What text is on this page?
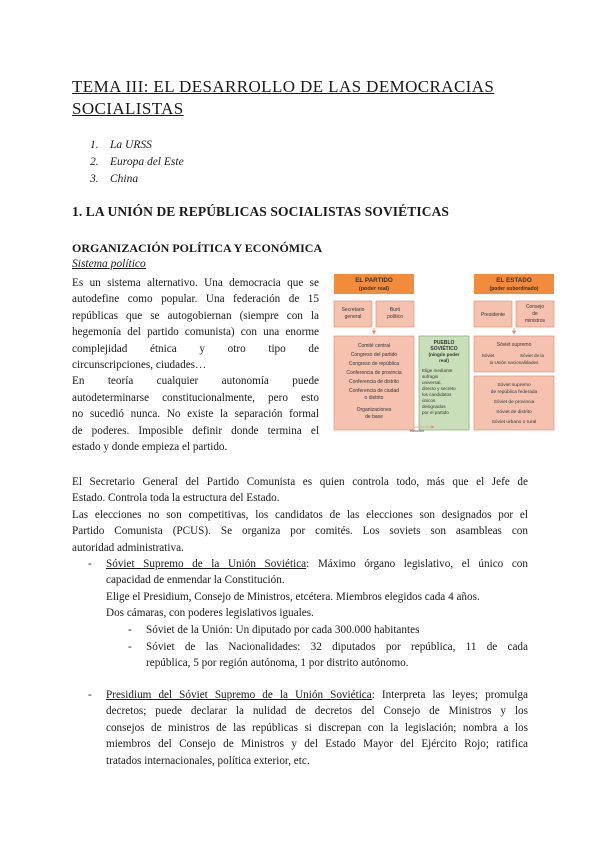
TEMA III: EL DESARROLLO DE LAS DEMOCRACIAS SOCIALISTAS
1. La URSS
2. Europa del Este
3. China
1. LA UNIÓN DE REPÚBLICAS SOCIALISTAS SOVIÉTICAS
ORGANIZACIÓN POLÍTICA Y ECONÓMICA
Sistema político
Es un sistema alternativo. Una democracia que se
autodefine como popular. Una federación de 15
repúblicas que se autogobiernan (siempre con la
hegemonía del partido comunista) con una enorme
complejidad étnica y otro tipo de
circunscripciones, ciudades…
En teoría cualquier autonomía puede
autodeterminarse constitucionalmente, pero esto
no sucedió nunca. No existe la separación formal
de poderes. Imposible definir donde termina el
estado y donde empieza el partido.
EL PARTIDO
(poder real)
Secretario
general
Buró
político
Comité central
Congreso del partido
Congreso de república
Conferencia de provincia
Conferencia de distrito
Conferencia de ciudad
o distrito
Organizaciones
de base
PUEBLO
SOVIÉTICO
(ningún poder
real)
Elige mediante
sufragio
universal,
directo y secreto
los candidatos
únicos
designados
por el partido
elección
EL ESTADO
(poder subordinado)
Presidente
Consejo
de
ministros
Sóviet supremo
Sóviet	Sóviet de la
la Unión nacionalidades
Sóviet supremo
de república federada
Sóviet de provincia
Sóviet de distrito
Sóviet urbano o rural
El Secretario General del Partido Comunista es quien controla todo, más que el Jefe de
Estado. Controla toda la estructura del Estado.
Las elecciones no son competitivas, los candidatos de las elecciones son designados por el
Partido Comunista (PCUS). Se organiza por comités. Los soviets son asambleas con
autoridad administrativa.
- Sóviet Supremo de la Unión Soviética: Máximo órgano legislativo, el único con
capacidad de enmendar la Constitución.
Elige el Presidium, Consejo de Ministros, etcétera. Miembros elegidos cada 4 años.
Dos cámaras, con poderes legislativos iguales.
- Sóviet de la Unión: Un diputado por cada 300.000 habitantes
- Sóviet de las Nacionalidades: 32 diputados por república, 11 de cada
república, 5 por región autónoma, 1 por distrito autónomo.
- Presidium del Sóviet Supremo de la Unión Soviética: Interpreta las leyes; promulga
decretos; puede declarar la nulidad de decretos del Consejo de Ministros y los
consejos de ministros de las repúblicas si discrepan con la legislación; nombra a los
miembros del Consejo de Ministros y del Estado Mayor del Ejército Rojo; ratifica
tratados internacionales, política exterior, etc.
